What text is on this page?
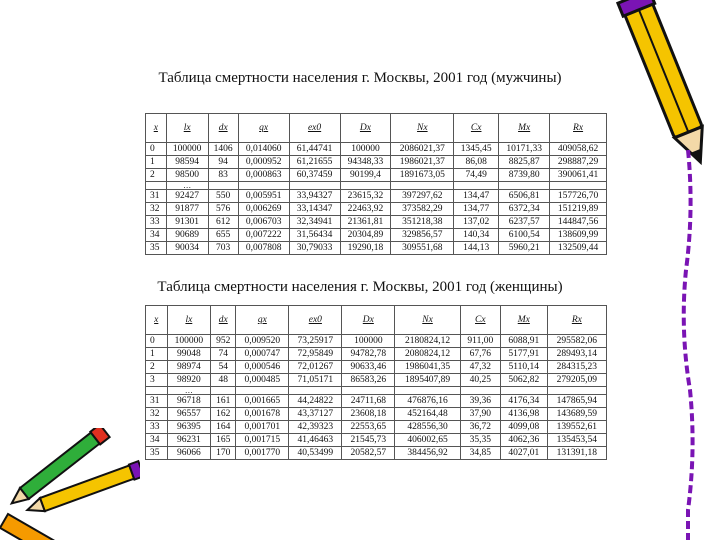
Таблица смертности населения г. Москвы, 2001 год (мужчины)
x	lx	dx	qx	ex0	Dx	Nx	Cx	Mx	Rx
0	100000	1406	0,014060	61,44741	100000	2086021,37	1345,45	10171,33	409058,62
1	98594	94	0,000952	61,21655	94348,33	1986021,37	86,08	8825,87	298887,29
2	98500	83	0,000863	60,37459	90199,4	1891673,05	74,49	8739,80	390061,41
	…								
31	92427	550	0,005951	33,94327	23615,32	397297,62	134,47	6506,81	157726,70
32	91877	576	0,006269	33,14347	22463,92	373582,29	134,77	6372,34	151219,89
33	91301	612	0,006703	32,34941	21361,81	351218,38	137,02	6237,57	144847,56
34	90689	655	0,007222	31,56434	20304,89	329856,57	140,34	6100,54	138609,99
35	90034	703	0,007808	30,79033	19290,18	309551,68	144,13	5960,21	132509,44
Таблица смертности населения г. Москвы, 2001 год (женщины)
x	lx	dx	qx	ex0	Dx	Nx	Cx	Mx	Rx
0	100000	952	0,009520	73,25917	100000	2180824,12	911,00	6088,91	295582,06
1	99048	74	0,000747	72,95849	94782,78	2080824,12	67,76	5177,91	289493,14
2	98974	54	0,000546	72,01267	90633,46	1986041,35	47,32	5110,14	284315,23
3	98920	48	0,000485	71,05171	86583,26	1895407,89	40,25	5062,82	279205,09
	…								
31	96718	161	0,001665	44,24822	24711,68	476876,16	39,36	4176,34	147865,94
32	96557	162	0,001678	43,37127	23608,18	452164,48	37,90	4136,98	143689,59
33	96395	164	0,001701	42,39323	22553,65	428556,30	36,72	4099,08	139552,61
34	96231	165	0,001715	41,46463	21545,73	406002,65	35,35	4062,36	135453,54
35	96066	170	0,001770	40,53499	20582,57	384456,92	34,85	4027,01	131391,18
